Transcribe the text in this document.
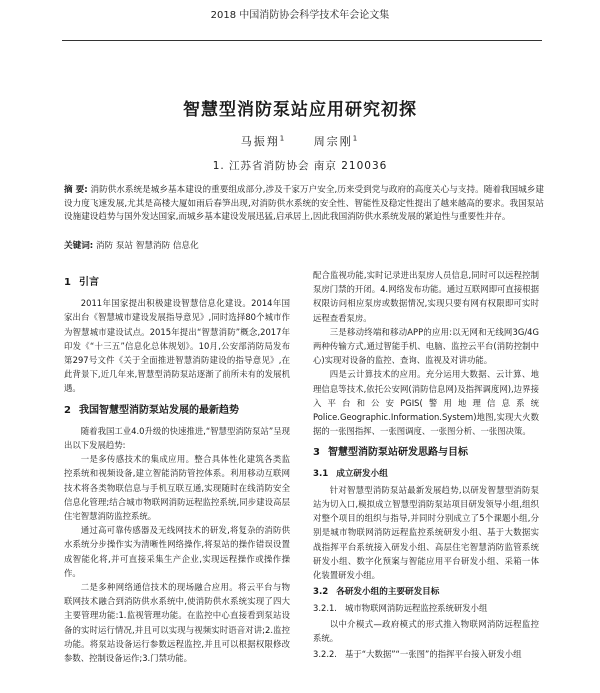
2018 中国消防协会科学技术年会论文集
智慧型消防泵站应用研究初探
马振翔$^1$ 周宗刚$^1$
1. 江苏省消防协会 南京 210036
摘 要: 消防供水系统是城乡基本建设的重要组成部分,涉及千家万户安全,历来受到党与政府的高度关心与支持。随着我国城乡建设力度飞速发展,尤其是高楼大厦如雨后春笋出现,对消防供水系统的安全性、智能性及稳定性提出了越来越高的要求。我国泵站设施建设趋势与国外发达国家,而城乡基本建设发展迅猛,启承居上,因此我国消防供水系统发展的紧迫性与重要性并存。
关键词: 消防 泵站 智慧消防 信息化
1 引言

2011年国家提出积极建设智慧信息化建设。2014年国家出台《智慧城市建设发展指导意见》,同时选择80个城市作为智慧城市建设试点。2015年提出“智慧消防”概念,2017年印发《“十三五”信息化总体规划》。10月,公安部消防局发布第297号文件《关于全面推进智慧消防建设的指导意见》,在此背景下,近几年来,智慧型消防泵站逐渐了前所未有的发展机遇。

2 我国智慧型消防泵站发展的最新趋势

随着我国工业4.0升级的快速推进,“智慧型消防泵站”呈现出以下发展趋势:

一是多传感技术的集成应用。整合具体性化建筑各类监控系统和视频设备,建立智能消防管控体系。利用移动互联网技术将各类物联信息与手机互联互通,实现随时在线消防安全信息化管理;结合城市物联网消防远程监控系统,同步建设高层住宅智慧消防监控系统。

通过高可靠传感器及无线网技术的研发,将复杂的消防供水系统分步操作实为清晰性网络操作,将泵站的操作错误设置成智能化将,并可直接采集生产企业,实现远程操作或操作操作。

二是多种网络通信技术的现场融合应用。将云平台与物联网技术融合到消防供水系统中,使消防供水系统实现了四大主要管理功能:1.监视管理功能。在监控中心直接看到泵站设备的实时运行情况,并且可以实现与视频实时语音对讲;2.监控功能。将泵站设备运行参数远程监控,并且可以根据权限修改参数、控制设备运作;3.门禁功能。

配合监视功能,实时记录进出泵房人员信息,同时可以远程控制泵房门禁的开闭。4.网络发布功能。通过互联网即可直接根据权限访问相应泵房或数据情况,实现只要有网有权限即可实时远程查看泵房。

三是移动终端和移动APP的应用:以无网和无线网3G/4G两种传输方式,通过智能手机、电脑、监控云平台(消防控制中心)实现对设备的监控、查询、监视及对讲功能。

四是云计算技术的应用。充分运用大数据、云计算、地理信息等技术,依托公安网(消防信息网)及指挥调度网),边界接入平台和公安PGIS(警用地理信息系统Police.Geographic.Information.System)地图,实现大火数据的一张图指挥、一张图调度、一张图分析、一张图决策。

3 智慧型消防泵站研发思路与目标
3.1 成立研发小组

针对智慧型消防泵站最新发展趋势,以研发智慧型消防泵站为切入口,模拟成立智慧型消防泵站项目研发领导小组,组织对整个项目的组织与指导,并同时分别成立了5个课题小组,分别是城市物联网消防远程监控系统研发小组、基于大数据实战指挥平台系统接入研发小组、高层住宅智慧消防监管系统研发小组、数字化预案与智能应用平台研发小组、采箱一体化装置研发小组。

3.2 各研发小组的主要研发目标
3.2.1. 城市物联网消防远程监控系统研发小组

以中介模式—政府模式的形式推入物联网消防远程监控系统。

3.2.2. 基于“大数据”“一张图”的指挥平台接入研发小组
